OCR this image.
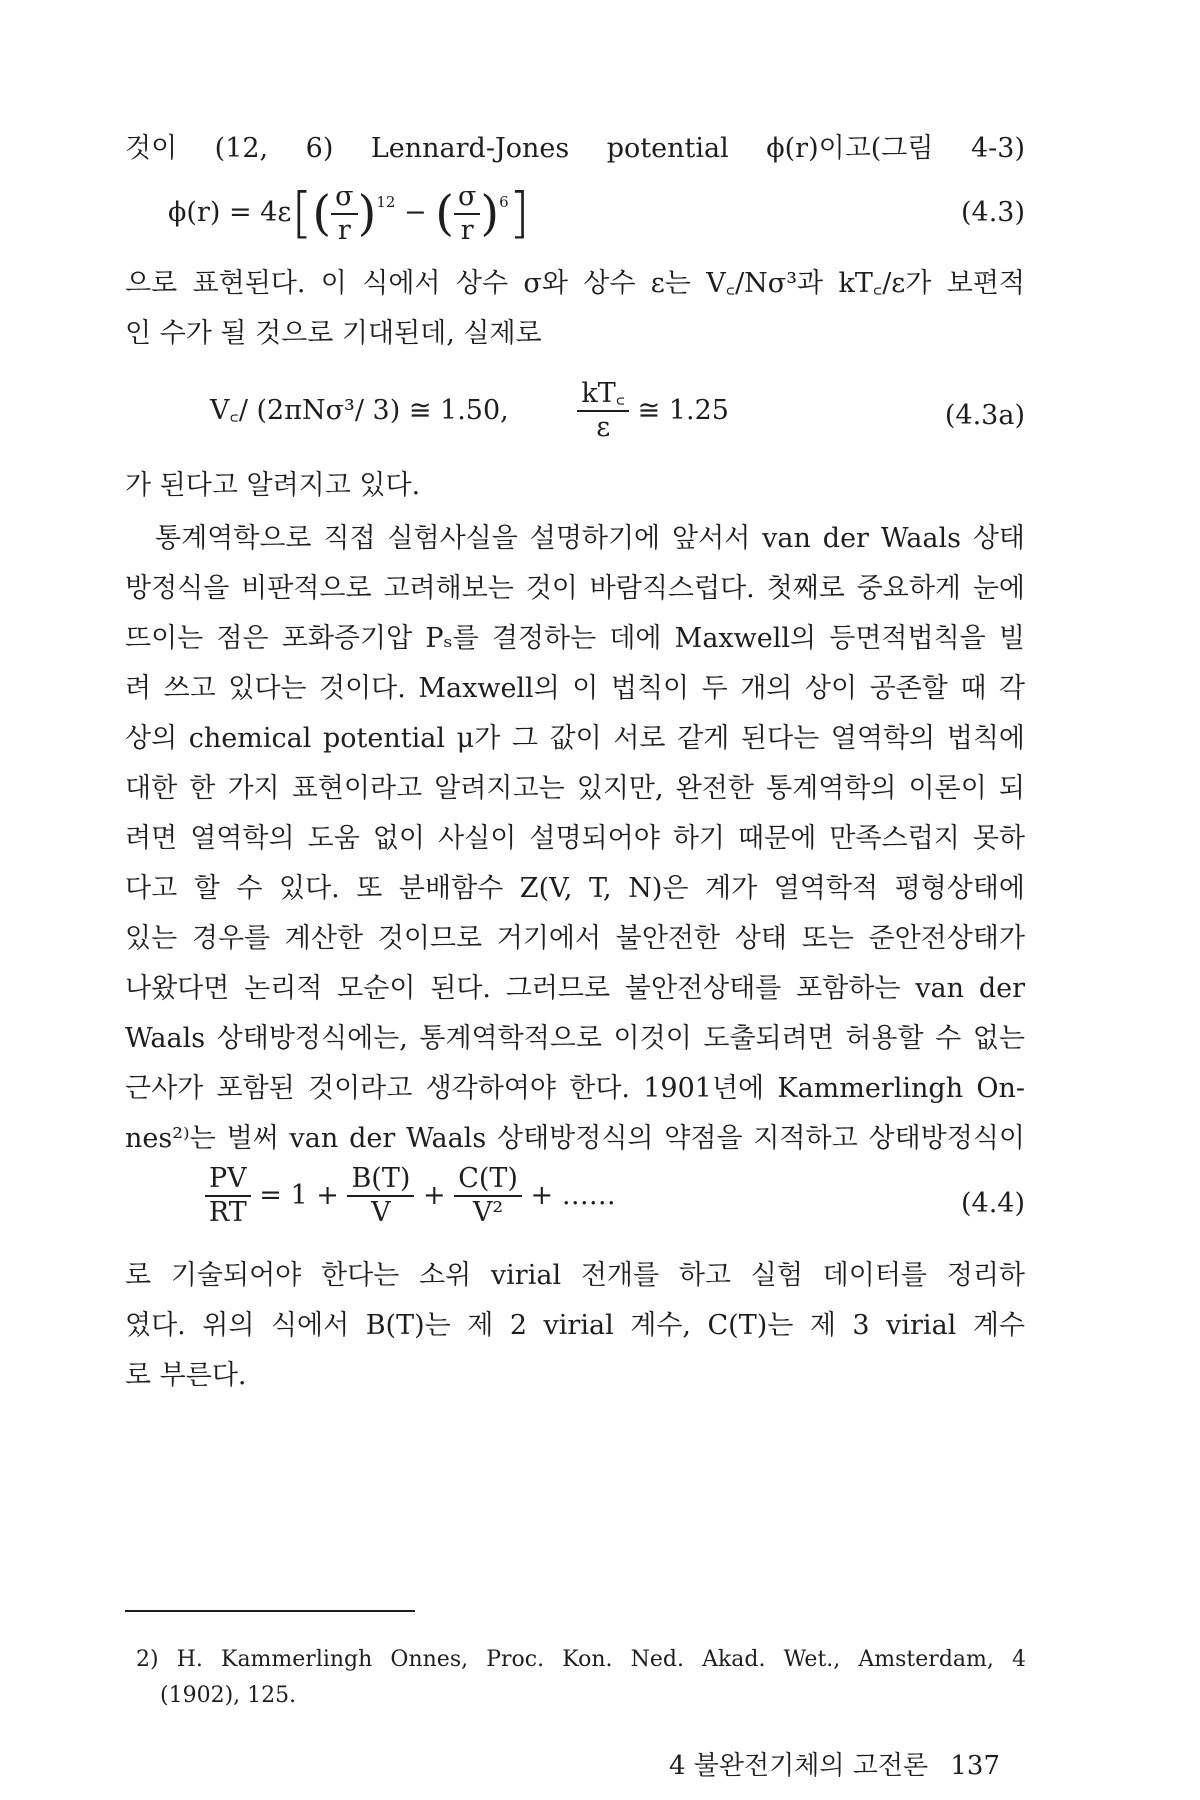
것이 (12, 6) Lennard-Jones potential ϕ(r)이고(그림 4-3)
$\phi(r) = 4\varepsilon[( \frac{\sigma}{r} )^{12}$ − ( $\frac{\sigma}{r} )^6$]	(4.3)
으로 표현된다. 이 식에서 상수 σ와 상수 ε는 V꜀/Nσ³과 kT꜀/ε가 보편적
인 수가 될 것으로 기대된데, 실제로
V꜀/ (2πNσ³/ 3) ≅ 1.50,	$\frac{kT꜀}{\varepsilon}$ ≅ 1.25	(4.3a)
가 된다고 알려지고 있다.
통계역학으로 직접 실험사실을 설명하기에 앞서서 van der Waals 상태
방정식을 비판적으로 고려해보는 것이 바람직스럽다. 첫째로 중요하게 눈에
뜨이는 점은 포화증기압 Pₛ를 결정하는 데에 Maxwell의 등면적법칙을 빌
려 쓰고 있다는 것이다. Maxwell의 이 법칙이 두 개의 상이 공존할 때 각
상의 chemical potential μ가 그 값이 서로 같게 된다는 열역학의 법칙에
대한 한 가지 표현이라고 알려지고는 있지만, 완전한 통계역학의 이론이 되
려면 열역학의 도움 없이 사실이 설명되어야 하기 때문에 만족스럽지 못하
다고 할 수 있다. 또 분배함수 Z(V, T, N)은 계가 열역학적 평형상태에
있는 경우를 계산한 것이므로 거기에서 불안전한 상태 또는 준안전상태가
나왔다면 논리적 모순이 된다. 그러므로 불안전상태를 포함하는 van der
Waals 상태방정식에는, 통계역학적으로 이것이 도출되려면 허용할 수 없는
근사가 포함된 것이라고 생각하여야 한다. 1901년에 Kammerlingh On-
nes²⁾는 벌써 van der Waals 상태방정식의 약점을 지적하고 상태방정식이
$\frac{PV}{RT} = 1 + \frac{B(T)}{V} + \frac{C(T)}{\text{V²}}$ + ……	(4.4)
로 기술되어야 한다는 소위 virial 전개를 하고 실험 데이터를 정리하
였다. 위의 식에서 B(T)는 제 2 virial 계수, C(T)는 제 3 virial 계수
로 부른다.
2) H. Kammerlingh Onnes, Proc. Kon. Ned. Akad. Wet., Amsterdam, 4
(1902), 125.
4 불완전기체의 고전론 137
